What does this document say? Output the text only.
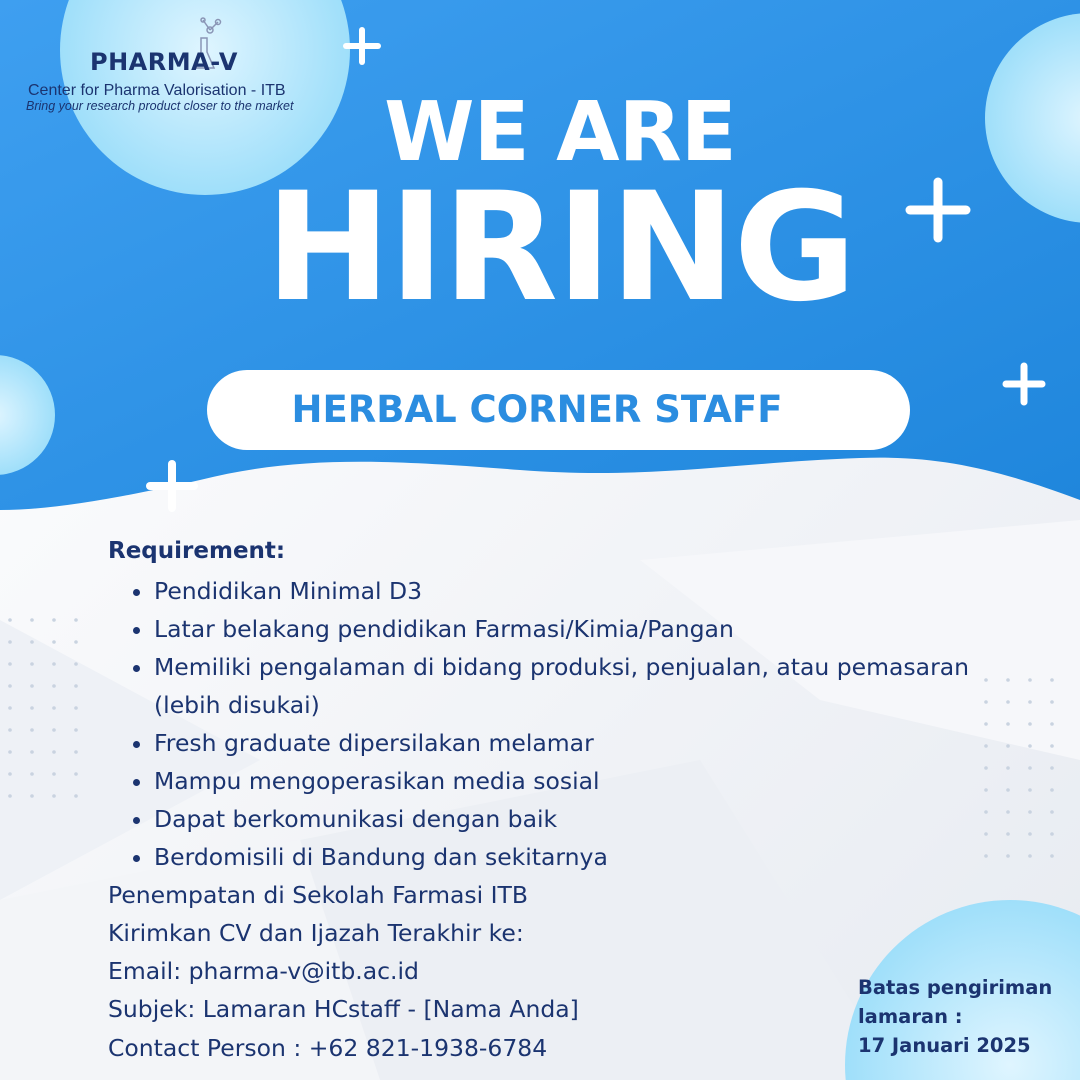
PHARMA-V
Center for Pharma Valorisation - ITB
Bring your research product closer to the market	WE ARE
HIRING
HERBAL CORNER STAFF
Requirement:
• Pendidikan Minimal D3
• Latar belakang pendidikan Farmasi/Kimia/Pangan
• Memiliki pengalaman di bidang produksi, penjualan, atau pemasaran (lebih disukai)
• Fresh graduate dipersilakan melamar
• Mampu mengoperasikan media sosial
• Dapat berkomunikasi dengan baik
• Berdomisili di Bandung dan sekitarnya
Penempatan di Sekolah Farmasi ITB
Kirimkan CV dan Ijazah Terakhir ke:
Email: pharma-v@itb.ac.id
Subjek: Lamaran HCstaff - [Nama Anda]
Contact Person : +62 821-1938-6784
Batas pengiriman
lamaran :
17 Januari 2025
